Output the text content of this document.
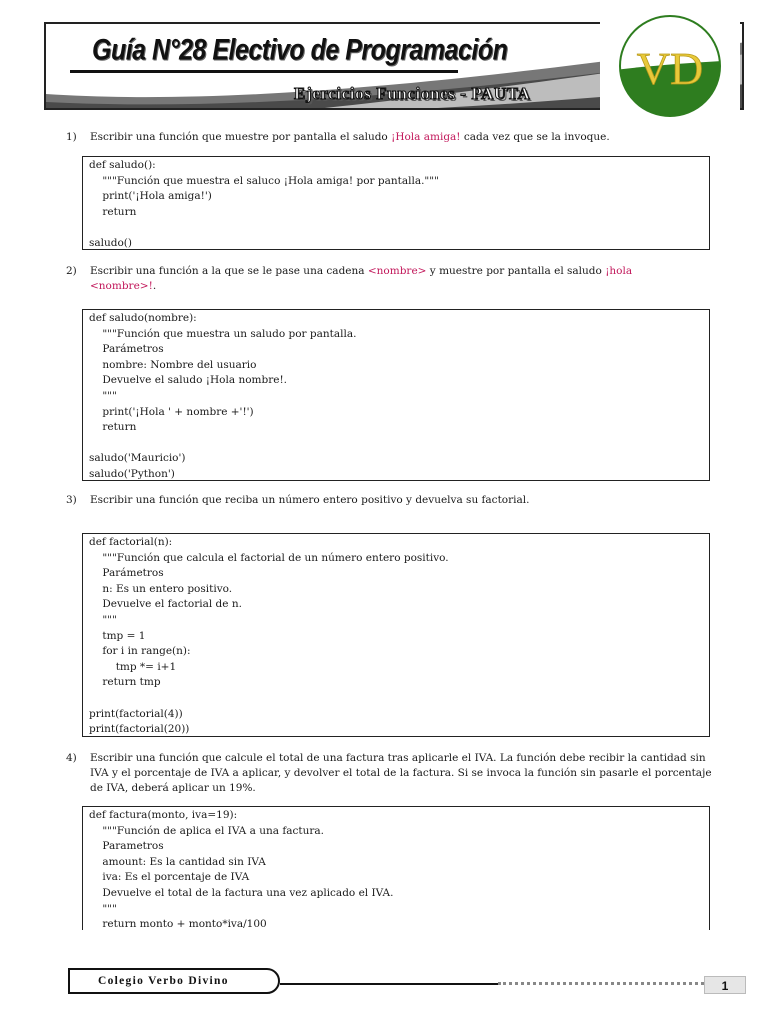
Guía N°28 Electivo de Programación
Ejercicios Funciones - PAUTA VD
1) Escribir una función que muestre por pantalla el saludo ¡Hola amiga! cada vez que se la invoque.
def saludo():
"""Función que muestra el saluco ¡Hola amiga! por pantalla."""
print('¡Hola amiga!')
return
saludo()
2) Escribir una función a la que se le pase una cadena <nombre> y muestre por pantalla el saludo ¡hola
<nombre>!.
def saludo(nombre):
"""Función que muestra un saludo por pantalla.
Parámetros
nombre: Nombre del usuario
Devuelve el saludo ¡Hola nombre!.
"""
print('¡Hola ' + nombre +'!')
return
saludo('Mauricio')
saludo('Python')
3) Escribir una función que reciba un número entero positivo y devuelva su factorial.
def factorial(n):
"""Función que calcula el factorial de un número entero positivo.
Parámetros
n: Es un entero positivo.
Devuelve el factorial de n.
"""
tmp = 1
for i in range(n):
tmp *= i+1
return tmp
print(factorial(4))
print(factorial(20))
4) Escribir una función que calcule el total de una factura tras aplicarle el IVA. La función debe recibir la cantidad sin IVA y el porcentaje de IVA a aplicar, y devolver el total de la factura. Si se invoca la función sin pasarle el porcentaje de IVA, deberá aplicar un 19%.
def factura(monto, iva=19):
"""Función de aplica el IVA a una factura.
Parametros
amount: Es la cantidad sin IVA
iva: Es el porcentaje de IVA
Devuelve el total de la factura una vez aplicado el IVA.
"""
return monto + monto*iva/100
Colegio Verbo Divino	1
